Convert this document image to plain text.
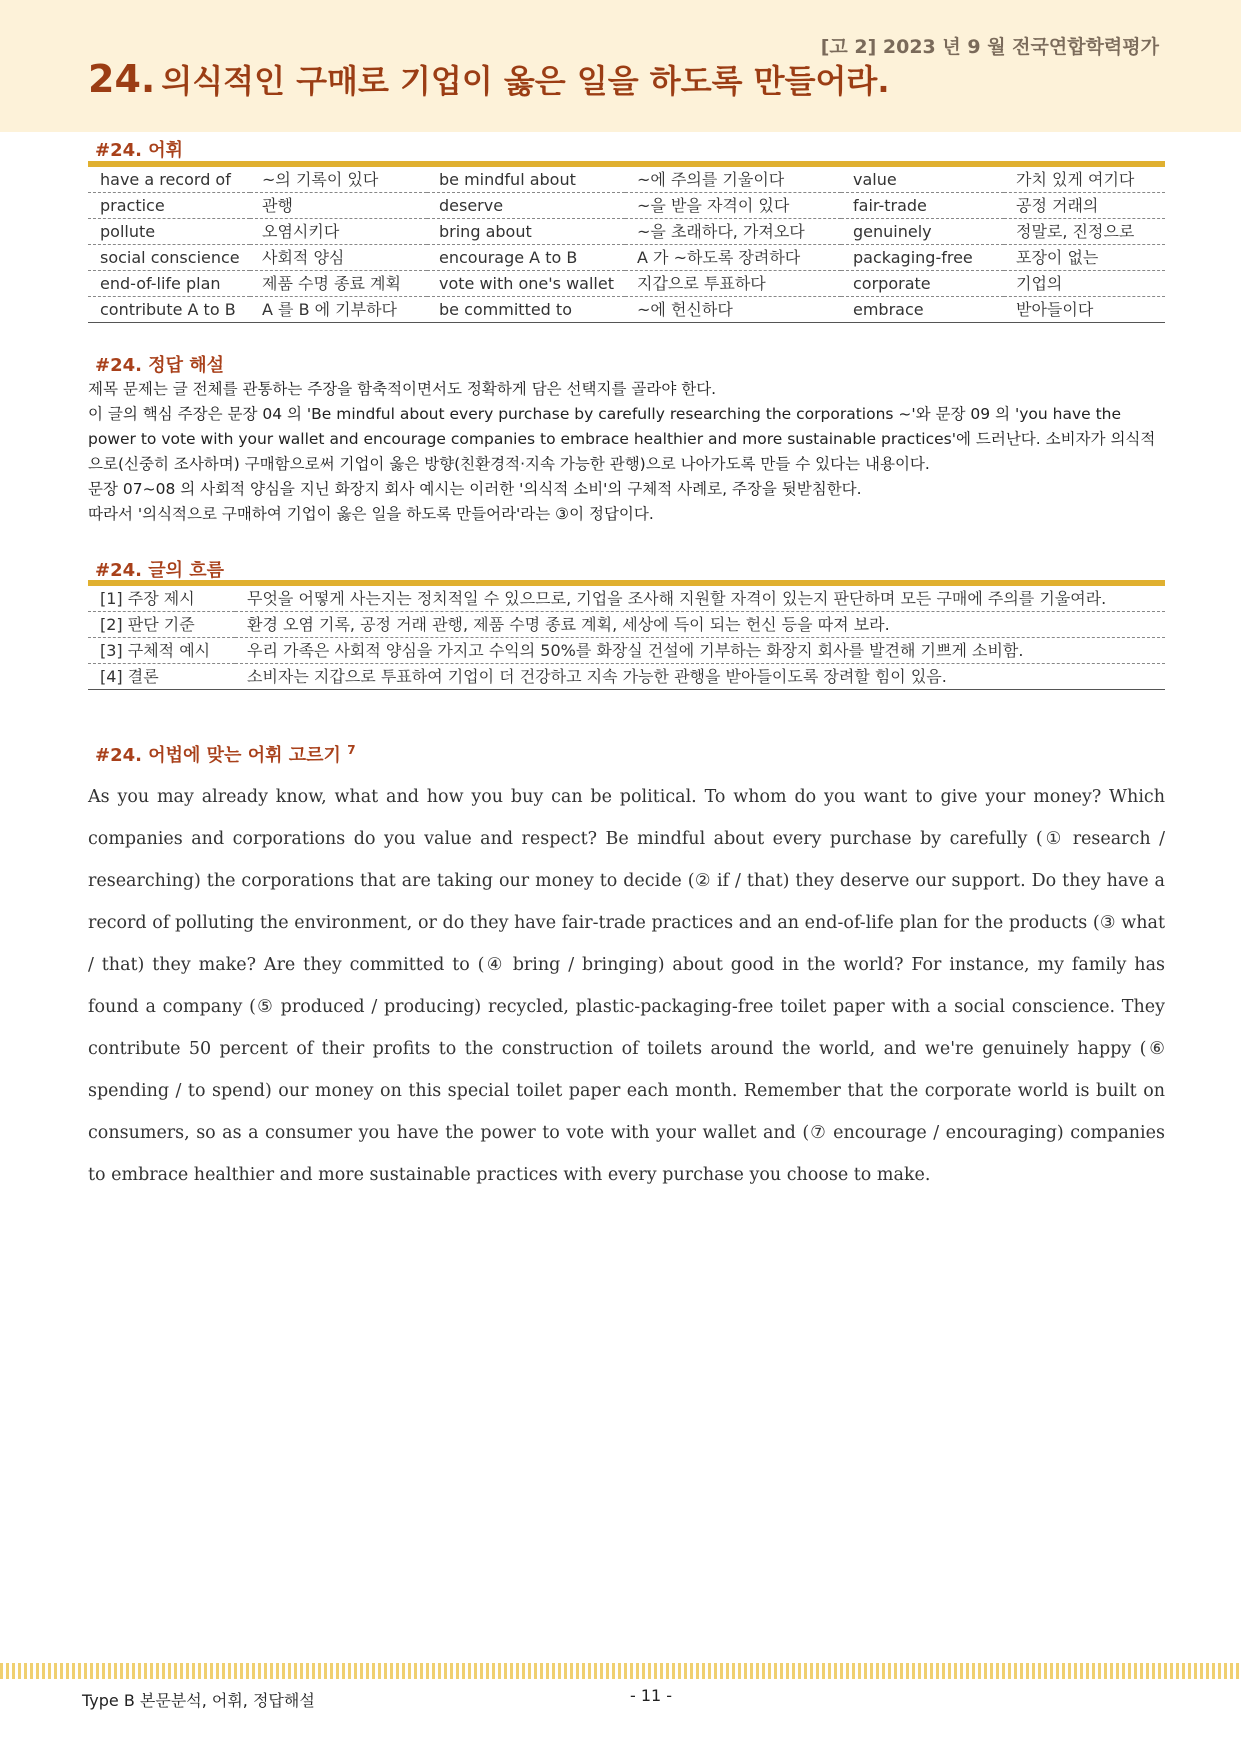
[고 2] 2023 년 9 월 전국연합학력평가
24. 의식적인 구매로 기업이 옳은 일을 하도록 만들어라.
#24. 어휘
have a record of	~의 기록이 있다	be mindful about	~에 주의를 기울이다	value	가치 있게 여기다
practice	관행	deserve	~을 받을 자격이 있다	fair-trade	공정 거래의
pollute	오염시키다	bring about	~을 초래하다, 가져오다	genuinely	정말로, 진정으로
social conscience	사회적 양심	encourage A to B	A 가 ~하도록 장려하다	packaging-free	포장이 없는
end-of-life plan	제품 수명 종료 계획	vote with one's wallet	지갑으로 투표하다	corporate	기업의
contribute A to B	A 를 B 에 기부하다	be committed to	~에 헌신하다	embrace	받아들이다
#24. 정답 해설

제목 문제는 글 전체를 관통하는 주장을 함축적이면서도 정확하게 담은 선택지를 골라야 한다.

이 글의 핵심 주장은 문장 04 의 'Be mindful about every purchase by carefully researching the corporations ~'와 문장 09 의 'you have the power to vote with your wallet and encourage companies to embrace healthier and more sustainable practices'에 드러난다. 소비자가 의식적으로(신중히 조사하며) 구매함으로써 기업이 옳은 방향(친환경적·지속 가능한 관행)으로 나아가도록 만들 수 있다는 내용이다.

문장 07~08 의 사회적 양심을 지닌 화장지 회사 예시는 이러한 '의식적 소비'의 구체적 사례로, 주장을 뒷받침한다.

따라서 '의식적으로 구매하여 기업이 옳은 일을 하도록 만들어라'라는 ③이 정답이다.

#24. 글의 흐름
[1] 주장 제시	무엇을 어떻게 사는지는 정치적일 수 있으므로, 기업을 조사해 지원할 자격이 있는지 판단하며 모든 구매에 주의를 기울여라.
[2] 판단 기준	환경 오염 기록, 공정 거래 관행, 제품 수명 종료 계획, 세상에 득이 되는 헌신 등을 따져 보라.
[3] 구체적 예시	우리 가족은 사회적 양심을 가지고 수익의 50%를 화장실 건설에 기부하는 화장지 회사를 발견해 기쁘게 소비함.
[4] 결론	소비자는 지갑으로 투표하여 기업이 더 건강하고 지속 가능한 관행을 받아들이도록 장려할 힘이 있음.
#24. 어법에 맞는 어휘 고르기 $^7$

As you may already know, what and how you buy can be political. To whom do you want to give your money? Which companies and corporations do you value and respect? Be mindful about every purchase by carefully (① research / researching) the corporations that are taking our money to decide (② if / that) they deserve our support. Do they have a record of polluting the environment, or do they have fair-trade practices and an end-of-life plan for the products (③ what / that) they make? Are they committed to (④ bring / bringing) about good in the world? For instance, my family has found a company (⑤ produced / producing) recycled, plastic-packaging-free toilet paper with a social conscience. They contribute 50 percent of their profits to the construction of toilets around the world, and we're genuinely happy (⑥ spending / to spend) our money on this special toilet paper each month. Remember that the corporate world is built on consumers, so as a consumer you have the power to vote with your wallet and (⑦ encourage / encouraging) companies to embrace healthier and more sustainable practices with every purchase you choose to make.

Type B 본문분석, 어휘, 정답해설	- 11 -
